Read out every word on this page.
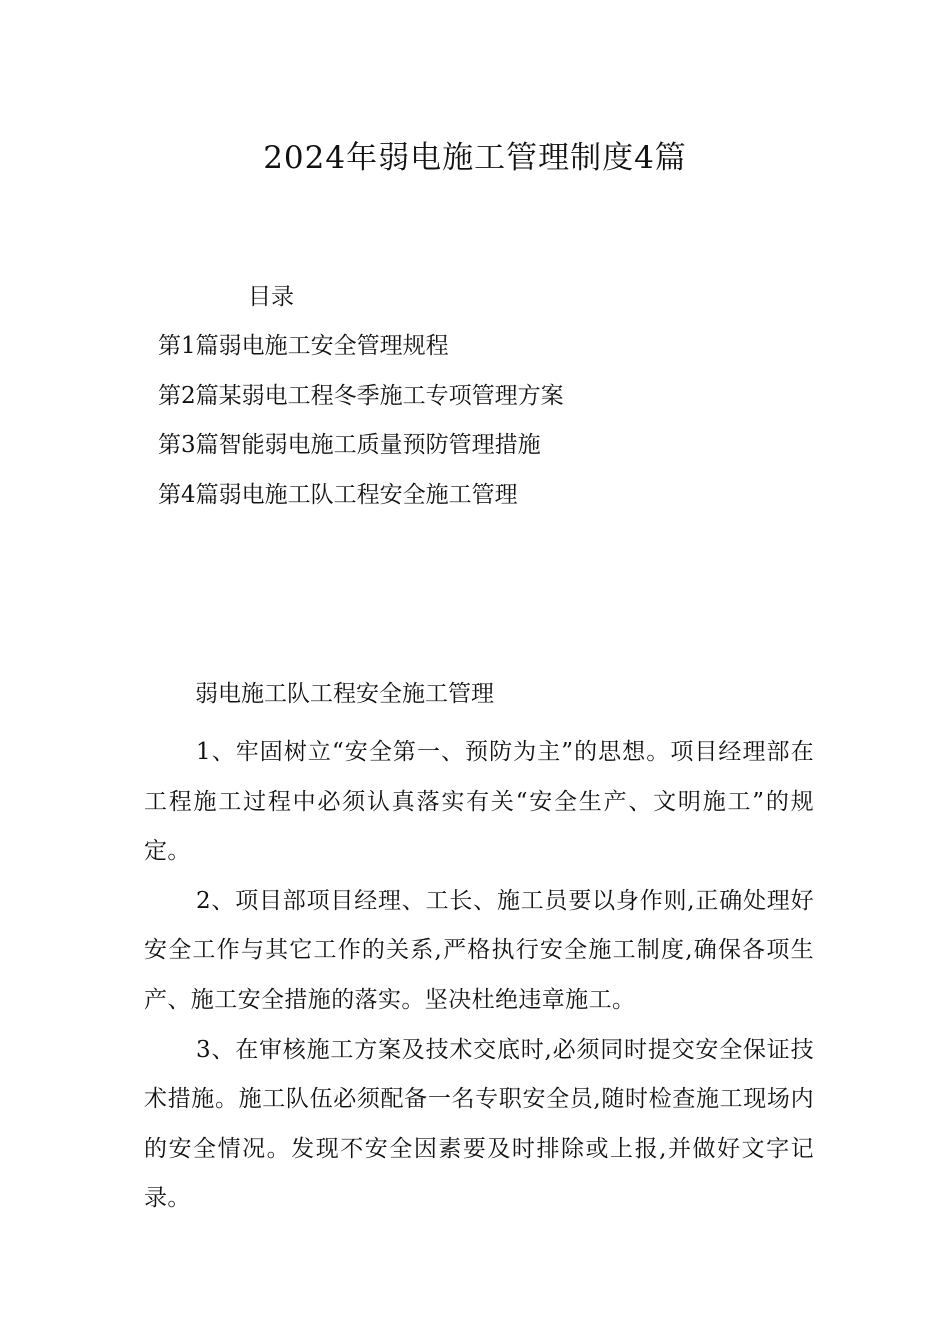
2024年弱电施工管理制度4篇
目录
第1篇弱电施工安全管理规程
第2篇某弱电工程冬季施工专项管理方案
第3篇智能弱电施工质量预防管理措施
第4篇弱电施工队工程安全施工管理
弱电施工队工程安全施工管理

1、牢固树立“安全第一、预防为主”的思想。项目经理部在工程施工过程中必须认真落实有关“安全生产、文明施工”的规定。

2、项目部项目经理、工长、施工员要以身作则,正确处理好安全工作与其它工作的关系,严格执行安全施工制度,确保各项生产、施工安全措施的落实。坚决杜绝违章施工。

3、在审核施工方案及技术交底时,必须同时提交安全保证技术措施。施工队伍必须配备一名专职安全员,随时检查施工现场内的安全情况。发现不安全因素要及时排除或上报,并做好文字记录。
